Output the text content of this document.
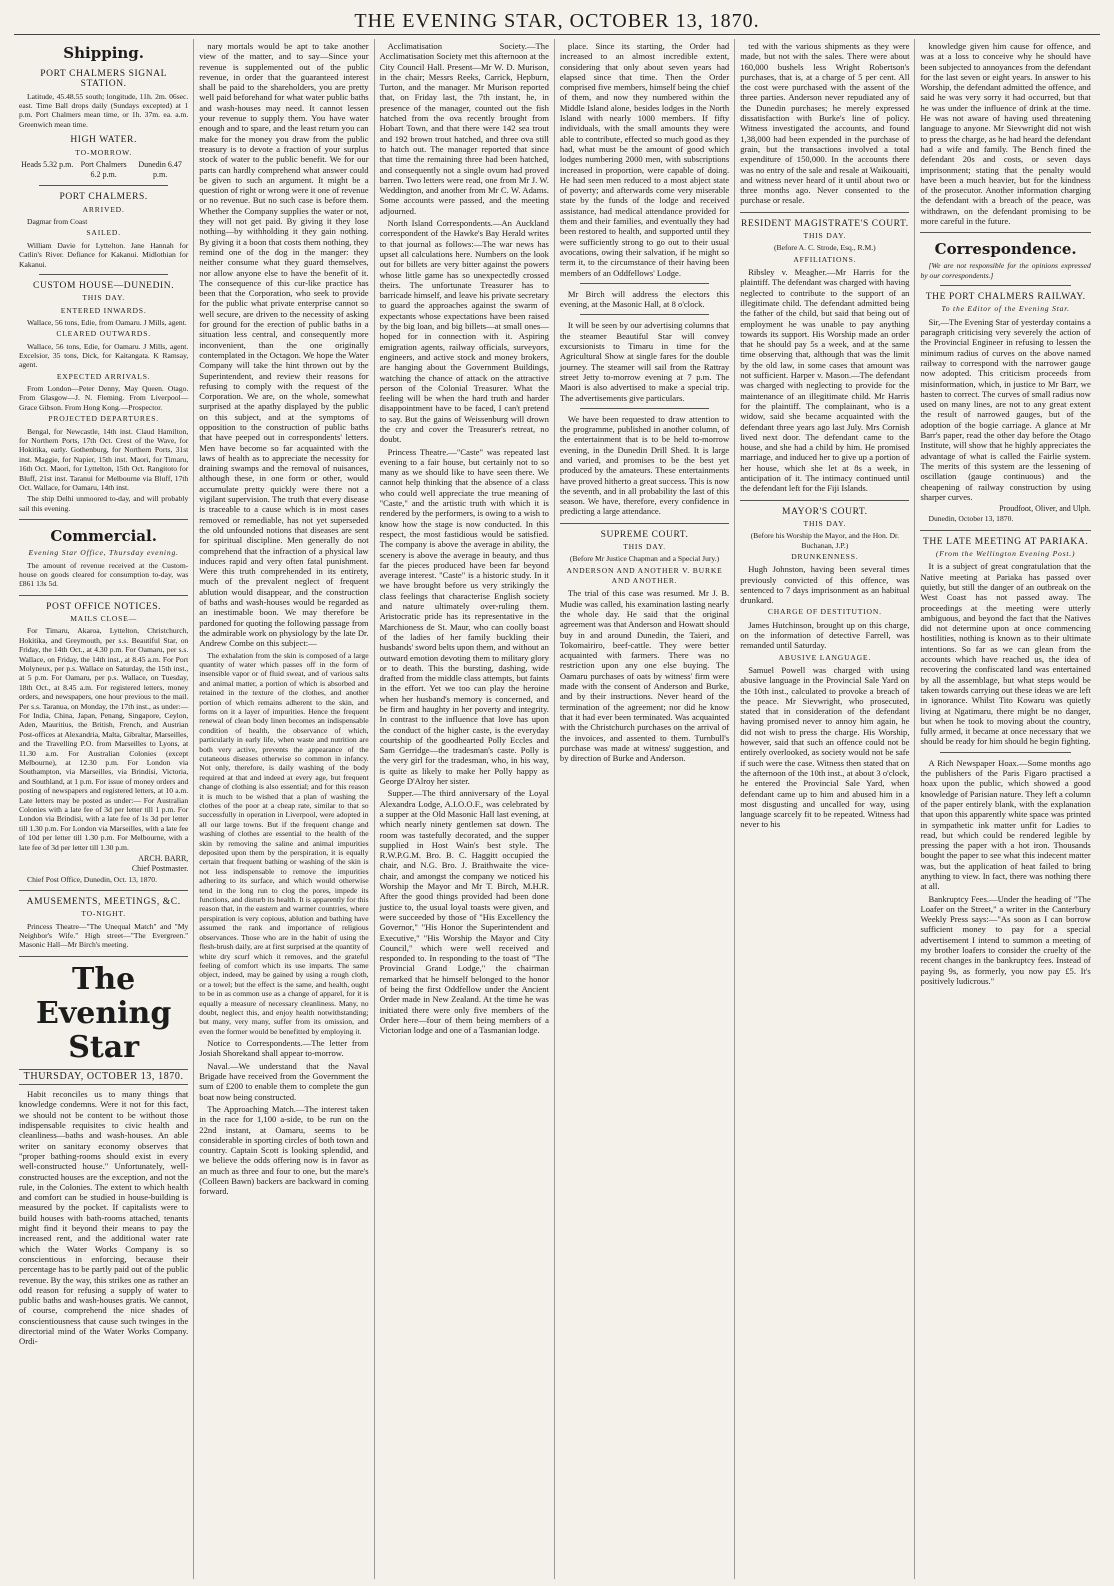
THE EVENING STAR, OCTOBER 13, 1870.
Shipping.
PORT CHALMERS SIGNAL STATION.

Latitude, 45.48.55 south; longitude, 11h. 2m. 06sec. east. Time Ball drops daily (Sundays excepted) at 1 p.m. Port Chalmers mean time, or 1h. 37m. ea. a.m. Greenwich mean time.

HIGH WATER.
TO-MORROW.
Heads 5.32 p.m. Port Chalmers 6.2 p.m.
Dunedin 6.47 p.m.
PORT CHALMERS.
ARRIVED.

Dagmar from Coast

SAILED.

William Davie for Lyttelton. Jane Hannah for Catlin's River. Defiance for Kakanui. Midlothian for Kakanui.

CUSTOM HOUSE—DUNEDIN.
THIS DAY.
ENTERED INWARDS.

Wallace, 56 tons, Edie, from Oamaru. J Mills, agent.

CLEARED OUTWARDS.

Wallace, 56 tons, Edie, for Oamaru. J Mills, agent. Excelsior, 35 tons, Dick, for Kaitangata. K Ramsay, agent.

EXPECTED ARRIVALS.

From London—Peter Denny, May Queen. Otago. From Glasgow—J. N. Fleming. From Liverpool—Grace Gibson. From Hong Kong.—Prospector.

PROJECTED DEPARTURES.

Bengal, for Newcastle, 14th inst. Claud Hamilton, for Northern Ports, 17th Oct. Crest of the Wave, for Hokitika, early. Gothenburg, for Northern Ports, 31st inst. Maggie, for Napier, 15th inst. Maori, for Timaru, 16th Oct. Maori, for Lyttelton, 15th Oct. Rangitoto for Bluff, 21st inst. Taranui for Melbourne via Bluff, 17th Oct. Wallace, for Oamaru, 14th inst.

The ship Delhi unmoored to-day, and will probably sail this evening.

Commercial.
Evening Star Office, Thursday evening.

The amount of revenue received at the Custom-house on goods cleared for consumption to-day, was £861 13s 5d.

POST OFFICE NOTICES.
MAILS CLOSE—

For Timaru, Akaroa, Lyttelton, Christchurch, Hokitika, and Greymouth, per s.s. Beautiful Star, on Friday, the 14th Oct., at 4.30 p.m. For Oamaru, per s.s. Wallace, on Friday, the 14th inst., at 8.45 a.m. For Port Molyneux, per p.s. Wallace on Saturday, the 15th inst., at 5 p.m. For Oamaru, per p.s. Wallace, on Tuesday, 18th Oct., at 8.45 a.m. For registered letters, money orders, and newspapers, one hour previous to the mail. Per s.s. Taranua, on Monday, the 17th inst., as under:— For India, China, Japan, Penang, Singapore, Ceylon, Aden, Mauritius, the British, French, and Austrian Post-offices at Alexandria, Malta, Gibraltar, Marseilles, and the Travelling P.O. from Marseilles to Lyons, at 11.30 a.m. For Australian Colonies (except Melbourne), at 12.30 p.m. For London via Southampton, via Marseilles, via Brindisi, Victoria, and Southland, at 1 p.m. For issue of money orders and posting of newspapers and registered letters, at 10 a.m. Late letters may be posted as under:— For Australian Colonies with a late fee of 3d per letter till 1 p.m. For London via Brindisi, with a late fee of 1s 3d per letter till 1.30 p.m. For London via Marseilles, with a late fee of 10d per letter till 1.30 p.m. For Melbourne, with a late fee of 3d per letter till 1.30 p.m.

ARCH. BARR,
Chief Postmaster.

Chief Post Office, Dunedin, Oct. 13, 1870.

AMUSEMENTS, MEETINGS, &C.
TO-NIGHT.

Princess Theatre—"The Unequal Match" and "My Neighbor's Wife." High street—"The Evergreen." Masonic Hall—Mr Birch's meeting.

The Evening Star
THURSDAY, OCTOBER 13, 1870.

Habit reconciles us to many things that knowledge condemns. Were it not for this fact, we should not be content to be without those indispensable requisites to civic health and cleanliness—baths and wash-houses. An able writer on sanitary economy observes that "proper bathing-rooms should exist in every well-constructed house." Unfortunately, well-constructed houses are the exception, and not the rule, in the Colonies. The extent to which health and comfort can be studied in house-building is measured by the pocket. If capitalists were to build houses with bath-rooms attached, tenants might find it beyond their means to pay the increased rent, and the additional water rate which the Water Works Company is so conscientious in enforcing, because their percentage has to be partly paid out of the public revenue. By the way, this strikes one as rather an odd reason for refusing a supply of water to public baths and wash-houses gratis. We cannot, of course, comprehend the nice shades of conscientiousness that cause such twinges in the directorial mind of the Water Works Company. Ordi-

nary mortals would be apt to take another view of the matter, and to say—Since your revenue is supplemented out of the public revenue, in order that the guaranteed interest shall be paid to the shareholders, you are pretty well paid beforehand for what water public baths and wash-houses may need. It cannot lessen your revenue to supply them. You have water enough and to spare, and the least return you can make for the money you draw from the public treasury is to devote a fraction of your surplus stock of water to the public benefit. We for our parts can hardly comprehend what answer could be given to such an argument. It might be a question of right or wrong were it one of revenue or no revenue. But no such case is before them. Whether the Company supplies the water or not, they will not get paid. By giving it they lose nothing—by withholding it they gain nothing. By giving it a boon that costs them nothing, they remind one of the dog in the manger: they neither consume what they guard themselves, nor allow anyone else to have the benefit of it. The consequence of this cur-like practice has been that the Corporation, who seek to provide for the public what private enterprise cannot so well secure, are driven to the necessity of asking for ground for the erection of public baths in a situation less central, and consequently more inconvenient, than the one originally contemplated in the Octagon. We hope the Water Company will take the hint thrown out by the Superintendent, and review their reasons for refusing to comply with the request of the Corporation. We are, on the whole, somewhat surprised at the apathy displayed by the public on this subject, and at the symptoms of opposition to the construction of public baths that have peeped out in correspondents' letters. Men have become so far acquainted with the laws of health as to appreciate the necessity for draining swamps and the removal of nuisances, although these, in one form or other, would accumulate pretty quickly were there not a vigilant supervision. The truth that every disease is traceable to a cause which is in most cases removed or remediable, has not yet superseded the old unfounded notions that diseases are sent for spiritual discipline. Men generally do not comprehend that the infraction of a physical law induces rapid and very often fatal punishment. Were this truth comprehended in its entirety, much of the prevalent neglect of frequent ablution would disappear, and the construction of baths and wash-houses would be regarded as an inestimable boon. We may therefore be pardoned for quoting the following passage from the admirable work on physiology by the late Dr. Andrew Combe on this subject:—

The exhalation from the skin is composed of a large quantity of water which passes off in the form of insensible vapor or of fluid sweat, and of various salts and animal matter, a portion of which is absorbed and retained in the texture of the clothes, and another portion of which remains adherent to the skin, and forms on it a layer of impurities. Hence the frequent renewal of clean body linen becomes an indispensable condition of health, the observance of which, particularly in early life, when waste and nutrition are both very active, prevents the appearance of the cutaneous diseases otherwise so common in infancy. Not only, therefore, is daily washing of the body required at that and indeed at every age, but frequent change of clothing is also essential; and for this reason it is much to be wished that a plan of washing the clothes of the poor at a cheap rate, similar to that so successfully in operation in Liverpool, were adopted in all our large towns. But if the frequent change and washing of clothes are essential to the health of the skin by removing the saline and animal impurities deposited upon them by the perspiration, it is equally certain that frequent bathing or washing of the skin is not less indispensable to remove the impurities adhering to its surface, and which would otherwise tend in the long run to clog the pores, impede its functions, and disturb its health. It is apparently for this reason that, in the eastern and warmer countries, where perspiration is very copious, ablution and bathing have assumed the rank and importance of religious observances. Those who are in the habit of using the flesh-brush daily, are at first surprised at the quantity of white dry scurf which it removes, and the grateful feeling of comfort which its use imparts. The same object, indeed, may be gained by using a rough cloth, or a towel; but the effect is the same, and health, ought to be in as common use as a change of apparel, for it is equally a measure of necessary cleanliness. Many, no doubt, neglect this, and enjoy health notwithstanding; but many, very many, suffer from its omission, and even the former would be benefitted by employing it.

Notice to Correspondents.—The letter from Josiah Shorekand shall appear to-morrow.

Naval.—We understand that the Naval Brigade have received from the Government the sum of £200 to enable them to complete the gun boat now being constructed.

The Approaching Match.—The interest taken in the race for 1,100 a-side, to be run on the 22nd instant, at Oamaru, seems to be considerable in sporting circles of both town and country. Captain Scott is looking splendid, and we believe the odds offering now is in favor as an much as three and four to one, but the mare's (Colleen Bawn) backers are backward in coming forward.

Acclimatisation Society.—The Acclimatisation Society met this afternoon at the City Council Hall. Present—Mr W. D. Murison, in the chair; Messrs Reeks, Carrick, Hepburn, Turton, and the manager. Mr Murison reported that, on Friday last, the 7th instant, he, in presence of the manager, counted out the fish hatched from the ova recently brought from Hobart Town, and that there were 142 sea trout and 192 brown trout hatched, and three ova still to hatch out. The manager reported that since that time the remaining three had been hatched, and consequently not a single ovum had proved barren. Two letters were read, one from Mr J. W. Weddington, and another from Mr C. W. Adams. Some accounts were passed, and the meeting adjourned.

North Island Correspondents.—An Auckland correspondent of the Hawke's Bay Herald writes to that journal as follows:—The war news has upset all calculations here. Numbers on the look out for billets are very bitter against the powers whose little game has so unexpectedly crossed theirs. The unfortunate Treasurer has to barricade himself, and leave his private secretary to guard the approaches against the swarm of expectants whose expectations have been raised by the big loan, and big billets—at small ones—hoped for in connection with it. Aspiring emigration agents, railway officials, surveyors, engineers, and active stock and money brokers, are hanging about the Government Buildings, watching the chance of attack on the attractive person of the Colonial Treasurer. What the feeling will be when the hard truth and harder disappointment have to be faced, I can't pretend to say. But the gains of Weissenburg will drown the cry and cover the Treasurer's retreat, no doubt.

Princess Theatre.—"Caste" was repeated last evening to a fair house, but certainly not to so many as we should like to have seen there. We cannot help thinking that the absence of a class who could well appreciate the true meaning of "Caste," and the artistic truth with which it is rendered by the performers, is owing to a wish to know how the stage is now conducted. In this respect, the most fastidious would be satisfied. The company is above the average in ability, the scenery is above the average in beauty, and thus far the pieces produced have been far beyond average interest. "Caste" is a historic study. In it we have brought before us very strikingly the class feelings that characterise English society and nature ultimately over-ruling them. Aristocratic pride has its representative in the Marchioness de St. Maur, who can coolly boast of the ladies of her family buckling their husbands' sword belts upon them, and without an outward emotion devoting them to military glory or to death. This the bursting, dashing, wide drafted from the middle class attempts, but faints in the effort. Yet we too can play the heroine when her husband's memory is concerned, and be firm and haughty in her poverty and integrity. In contrast to the influence that love has upon the conduct of the higher caste, is the everyday courtship of the goodhearted Polly Eccles and Sam Gerridge—the tradesman's caste. Polly is the very girl for the tradesman, who, in his way, is quite as likely to make her Polly happy as George D'Alroy her sister.

Supper.—The third anniversary of the Loyal Alexandra Lodge, A.I.O.O.F., was celebrated by a supper at the Old Masonic Hall last evening, at which nearly ninety gentlemen sat down. The room was tastefully decorated, and the supper supplied in Host Wain's best style. The R.W.P.G.M. Bro. B. C. Haggitt occupied the chair, and N.G. Bro. J. Braithwaite the vice-chair, and amongst the company we noticed his Worship the Mayor and Mr T. Birch, M.H.R. After the good things provided had been done justice to, the usual loyal toasts were given, and were succeeded by those of "His Excellency the Governor," "His Honor the Superintendent and Executive," "His Worship the Mayor and City Council," which were well received and responded to. In responding to the toast of "The Provincial Grand Lodge," the chairman remarked that he himself belonged to the honor of being the first Oddfellow under the Ancient Order made in New Zealand. At the time he was initiated there were only five members of the Order here—four of them being members of a Victorian lodge and one of a Tasmanian lodge.

place. Since its starting, the Order had increased to an almost incredible extent, considering that only about seven years had elapsed since that time. Then the Order comprised five members, himself being the chief of them, and now they numbered within the Middle Island alone, besides lodges in the North Island with nearly 1000 members. If fifty individuals, with the small amounts they were able to contribute, effected so much good as they had, what must be the amount of good which lodges numbering 2000 men, with subscriptions increased in proportion, were capable of doing. He had seen men reduced to a most abject state of poverty; and afterwards come very miserable state by the funds of the lodge and received assistance, had medical attendance provided for them and their families, and eventually they had been restored to health, and supported until they were sufficiently strong to go out to their usual avocations, owing their salvation, if he might so term it, to the circumstance of their having been members of an Oddfellows' Lodge.

Mr Birch will address the electors this evening, at the Masonic Hall, at 8 o'clock.

It will be seen by our advertising columns that the steamer Beautiful Star will convey excursionists to Timaru in time for the Agricultural Show at single fares for the double journey. The steamer will sail from the Rattray street Jetty to-morrow evening at 7 p.m. The Maori is also advertised to make a special trip. The advertisements give particulars.

We have been requested to draw attention to the programme, published in another column, of the entertainment that is to be held to-morrow evening, in the Dunedin Drill Shed. It is large and varied, and promises to be the best yet produced by the amateurs. These entertainments have proved hitherto a great success. This is now the seventh, and in all probability the last of this season. We have, therefore, every confidence in predicting a large attendance.

SUPREME COURT.
THIS DAY.
(Before Mr Justice Chapman and a Special Jury.)
ANDERSON AND ANOTHER V. BURKE AND ANOTHER.

The trial of this case was resumed. Mr J. B. Mudie was called, his examination lasting nearly the whole day. He said that the original agreement was that Anderson and Howatt should buy in and around Dunedin, the Taieri, and Tokomairiro, beef-cattle. They were better acquainted with farmers. There was no restriction upon any one else buying. The Oamaru purchases of oats by witness' firm were made with the consent of Anderson and Burke, and by their instructions. Never heard of the termination of the agreement; nor did he know that it had ever been terminated. Was acquainted with the Christchurch purchases on the arrival of the invoices, and assented to them. Turnbull's purchase was made at witness' suggestion, and by direction of Burke and Anderson.

ted with the various shipments as they were made, but not with the sales. There were about 160,000 bushels less Wright Robertson's purchases, that is, at a charge of 5 per cent. All the cost were purchased with the assent of the three parties. Anderson never repudiated any of the Dunedin purchases; he merely expressed dissatisfaction with Burke's line of policy. Witness investigated the accounts, and found 1,38,000 had been expended in the purchase of grain, but the transactions involved a total expenditure of 150,000. In the accounts there was no entry of the sale and resale at Waikouaiti, and witness never heard of it until about two or three months ago. Never consented to the purchase or resale.

RESIDENT MAGISTRATE'S COURT.
THIS DAY.
(Before A. C. Strode, Esq., R.M.)
AFFILIATIONS.

Ribsley v. Meagher.—Mr Harris for the plaintiff. The defendant was charged with having neglected to contribute to the support of an illegitimate child. The defendant admitted being the father of the child, but said that being out of employment he was unable to pay anything towards its support. His Worship made an order that he should pay 5s a week, and at the same time observing that, although that was the limit by the old law, in some cases that amount was not sufficient. Harper v. Mason.—The defendant was charged with neglecting to provide for the maintenance of an illegitimate child. Mr Harris for the plaintiff. The complainant, who is a widow, said she became acquainted with the defendant three years ago last July. Mrs Cornish lived next door. The defendant came to the house, and she had a child by him. He promised marriage, and induced her to give up a portion of her house, which she let at 8s a week, in anticipation of it. The intimacy continued until the defendant left for the Fiji Islands.

MAYOR'S COURT.
THIS DAY.
(Before his Worship the Mayor, and the Hon. Dr. Buchanan, J.P.)
DRUNKENNESS.

Hugh Johnston, having been several times previously convicted of this offence, was sentenced to 7 days imprisonment as an habitual drunkard.

CHARGE OF DESTITUTION.

James Hutchinson, brought up on this charge, on the information of detective Farrell, was remanded until Saturday.

ABUSIVE LANGUAGE.

Samuel Powell was charged with using abusive language in the Provincial Sale Yard on the 10th inst., calculated to provoke a breach of the peace. Mr Sievwright, who prosecuted, stated that in consideration of the defendant having promised never to annoy him again, he did not wish to press the charge. His Worship, however, said that such an offence could not be entirely overlooked, as society would not be safe if such were the case. Witness then stated that on the afternoon of the 10th inst., at about 3 o'clock, he entered the Provincial Sale Yard, when defendant came up to him and abused him in a most disgusting and uncalled for way, using language scarcely fit to be repeated. Witness had never to his

knowledge given him cause for offence, and was at a loss to conceive why he should have been subjected to annoyances from the defendant for the last seven or eight years. In answer to his Worship, the defendant admitted the offence, and said he was very sorry it had occurred, but that he was under the influence of drink at the time. He was not aware of having used threatening language to anyone. Mr Sievwright did not wish to press the charge, as he had heard the defendant had a wife and family. The Bench fined the defendant 20s and costs, or seven days imprisonment; stating that the penalty would have been a much heavier, but for the kindness of the prosecutor. Another information charging the defendant with a breach of the peace, was withdrawn, on the defendant promising to be more careful in the future.

Correspondence.

[We are not responsible for the opinions expressed by our correspondents.]

THE PORT CHALMERS RAILWAY.
To the Editor of the Evening Star.

Sir,—The Evening Star of yesterday contains a paragraph criticising very severely the action of the Provincial Engineer in refusing to lessen the minimum radius of curves on the above named railway to correspond with the narrower gauge now adopted. This criticism proceeds from misinformation, which, in justice to Mr Barr, we hasten to correct. The curves of small radius now used on many lines, are not to any great extent the result of narrowed gauges, but of the adoption of the bogie carriage. A glance at Mr Barr's paper, read the other day before the Otago Institute, will show that he highly appreciates the advantage of what is called the Fairlie system. The merits of this system are the lessening of oscillation (gauge continuous) and the cheapening of railway construction by using sharper curves.

Proudfoot, Oliver, and Ulph.

Dunedin, October 13, 1870.

THE LATE MEETING AT PARIAKA.
(From the Wellington Evening Post.)

It is a subject of great congratulation that the Native meeting at Pariaka has passed over quietly, but still the danger of an outbreak on the West Coast has not passed away. The proceedings at the meeting were utterly ambiguous, and beyond the fact that the Natives did not determine upon at once commencing hostilities, nothing is known as to their ultimate intentions. So far as we can glean from the accounts which have reached us, the idea of recovering the confiscated land was entertained by all the assemblage, but what steps would be taken towards carrying out these ideas we are left in ignorance. Whilst Tito Kowaru was quietly living at Ngatimaru, there might be no danger, but when he took to moving about the country, fully armed, it became at once necessary that we should be ready for him should he begin fighting.

A Rich Newspaper Hoax.—Some months ago the publishers of the Paris Figaro practised a hoax upon the public, which showed a good knowledge of Parisian nature. They left a column of the paper entirely blank, with the explanation that upon this apparently white space was printed in sympathetic ink matter unfit for Ladies to read, but which could be rendered legible by pressing the paper with a hot iron. Thousands bought the paper to see what this indecent matter was, but the application of heat failed to bring anything to view. In fact, there was nothing there at all.

Bankruptcy Fees.—Under the heading of "The Loafer on the Street," a writer in the Canterbury Weekly Press says:—"As soon as I can borrow sufficient money to pay for a special advertisement I intend to summon a meeting of my brother loafers to consider the cruelty of the recent changes in the bankruptcy fees. Instead of paying 9s, as formerly, you now pay £5. It's positively ludicrous."
